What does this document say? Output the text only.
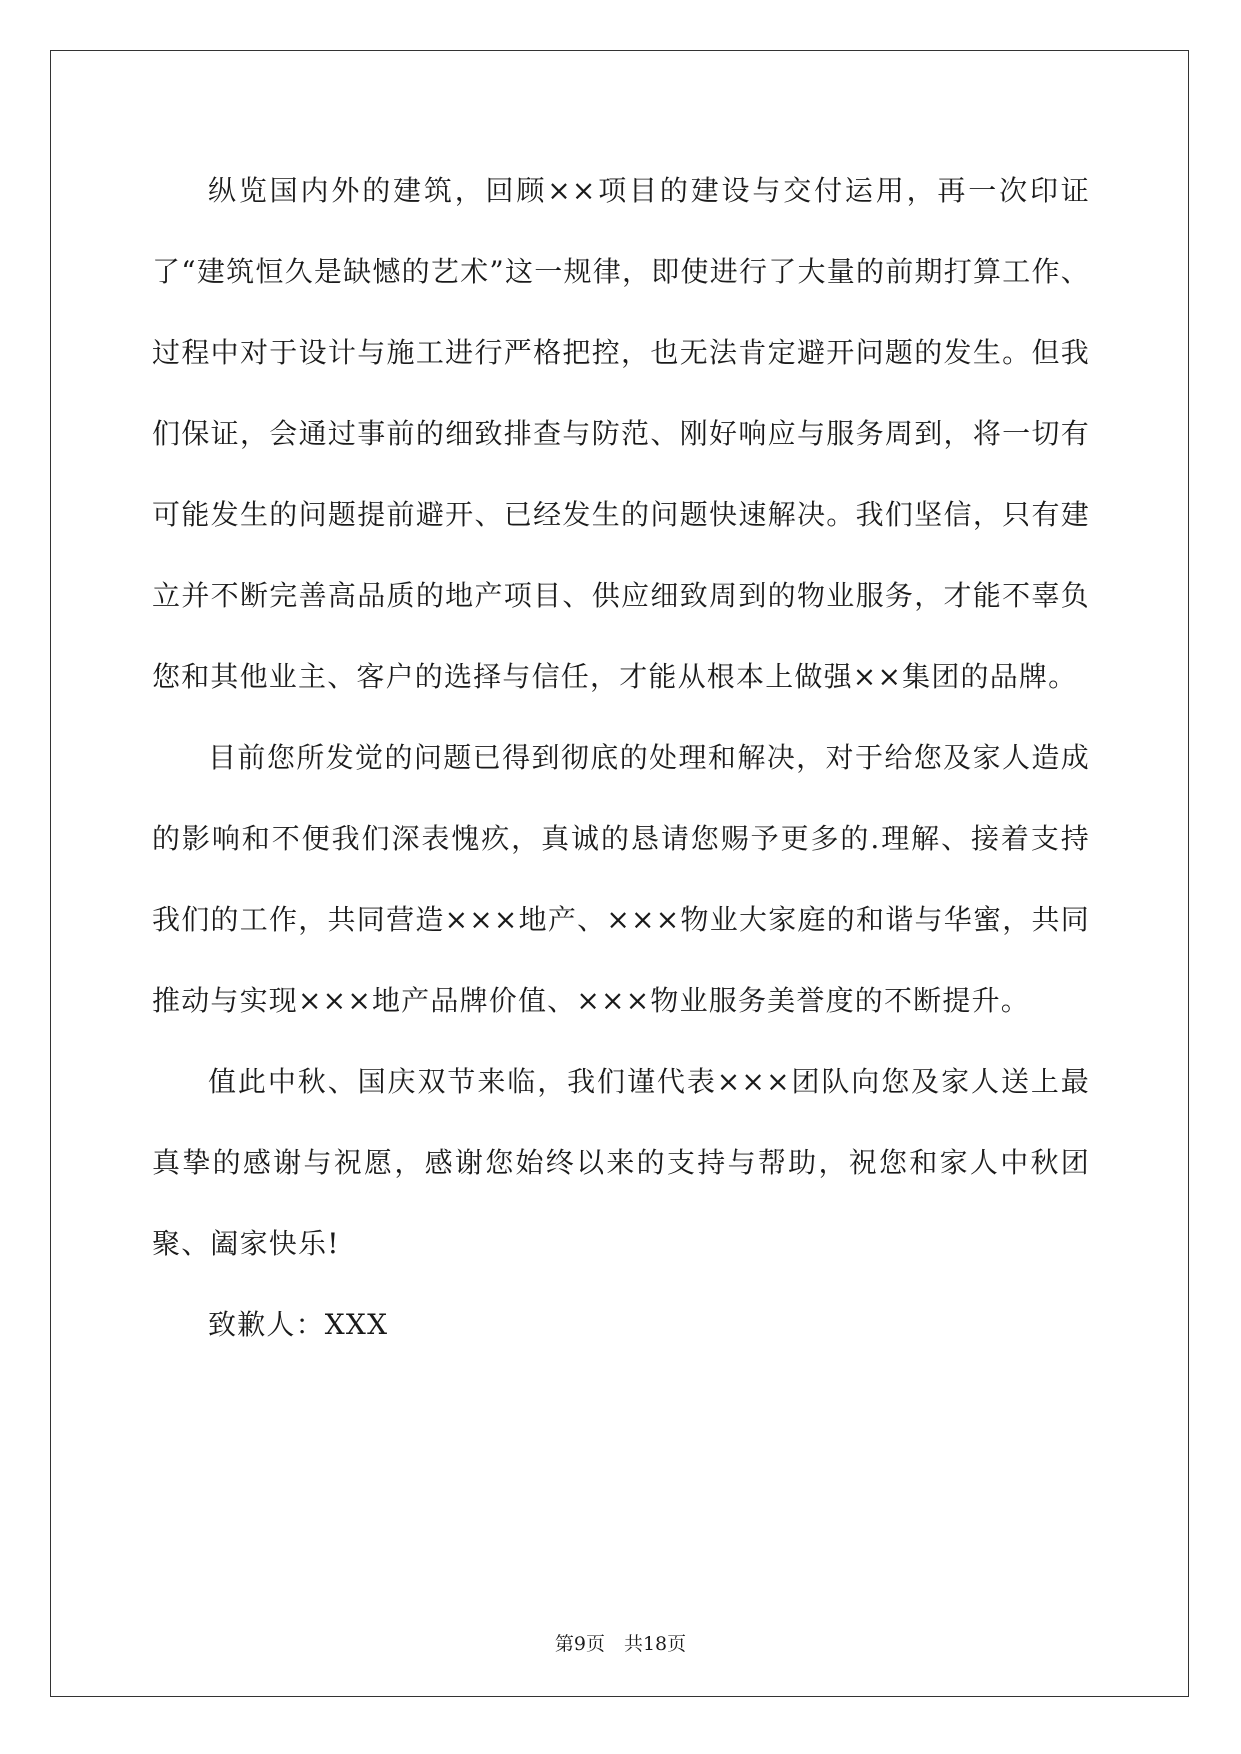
纵览国内外的建筑，回顾××项目的建设与交付运用，再一次印证了“建筑恒久是缺憾的艺术”这一规律，即使进行了大量的前期打算工作、过程中对于设计与施工进行严格把控，也无法肯定避开问题的发生。但我们保证，会通过事前的细致排查与防范、刚好响应与服务周到，将一切有可能发生的问题提前避开、已经发生的问题快速解决。我们坚信，只有建立并不断完善高品质的地产项目、供应细致周到的物业服务，才能不辜负您和其他业主、客户的选择与信任，才能从根本上做强××集团的品牌。

目前您所发觉的问题已得到彻底的处理和解决，对于给您及家人造成的影响和不便我们深表愧疚，真诚的恳请您赐予更多的.理解、接着支持我们的工作，共同营造×××地产、×××物业大家庭的和谐与华蜜，共同推动与实现×××地产品牌价值、×××物业服务美誉度的不断提升。

值此中秋、国庆双节来临，我们谨代表×××团队向您及家人送上最真挚的感谢与祝愿，感谢您始终以来的支持与帮助，祝您和家人中秋团聚、阖家快乐!

致歉人：XXX

第9页　共18页
